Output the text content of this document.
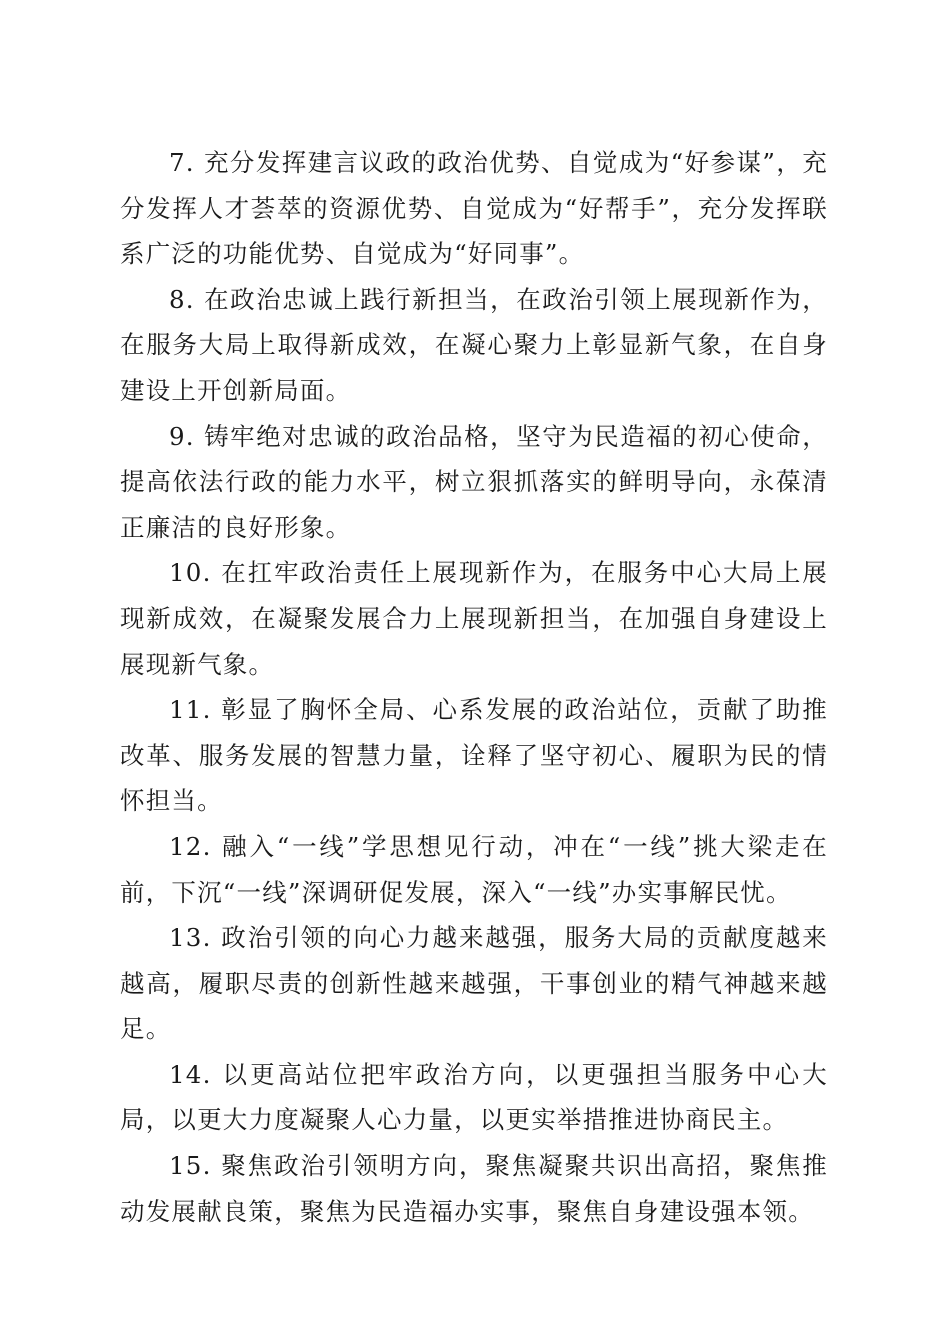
7. 充分发挥建言议政的政治优势、自觉成为“好参谋”，充分发挥人才荟萃的资源优势、自觉成为“好帮手”，充分发挥联系广泛的功能优势、自觉成为“好同事”。

8. 在政治忠诚上践行新担当，在政治引领上展现新作为，在服务大局上取得新成效，在凝心聚力上彰显新气象，在自身建设上开创新局面。

9. 铸牢绝对忠诚的政治品格，坚守为民造福的初心使命，提高依法行政的能力水平，树立狠抓落实的鲜明导向，永葆清正廉洁的良好形象。

10. 在扛牢政治责任上展现新作为，在服务中心大局上展现新成效，在凝聚发展合力上展现新担当，在加强自身建设上展现新气象。

11. 彰显了胸怀全局、心系发展的政治站位，贡献了助推改革、服务发展的智慧力量，诠释了坚守初心、履职为民的情怀担当。

12. 融入“一线”学思想见行动，冲在“一线”挑大梁走在前，下沉“一线”深调研促发展，深入“一线”办实事解民忧。

13. 政治引领的向心力越来越强，服务大局的贡献度越来越高，履职尽责的创新性越来越强，干事创业的精气神越来越足。

14. 以更高站位把牢政治方向，以更强担当服务中心大局，以更大力度凝聚人心力量，以更实举措推进协商民主。

15. 聚焦政治引领明方向，聚焦凝聚共识出高招，聚焦推动发展献良策，聚焦为民造福办实事，聚焦自身建设强本领。
